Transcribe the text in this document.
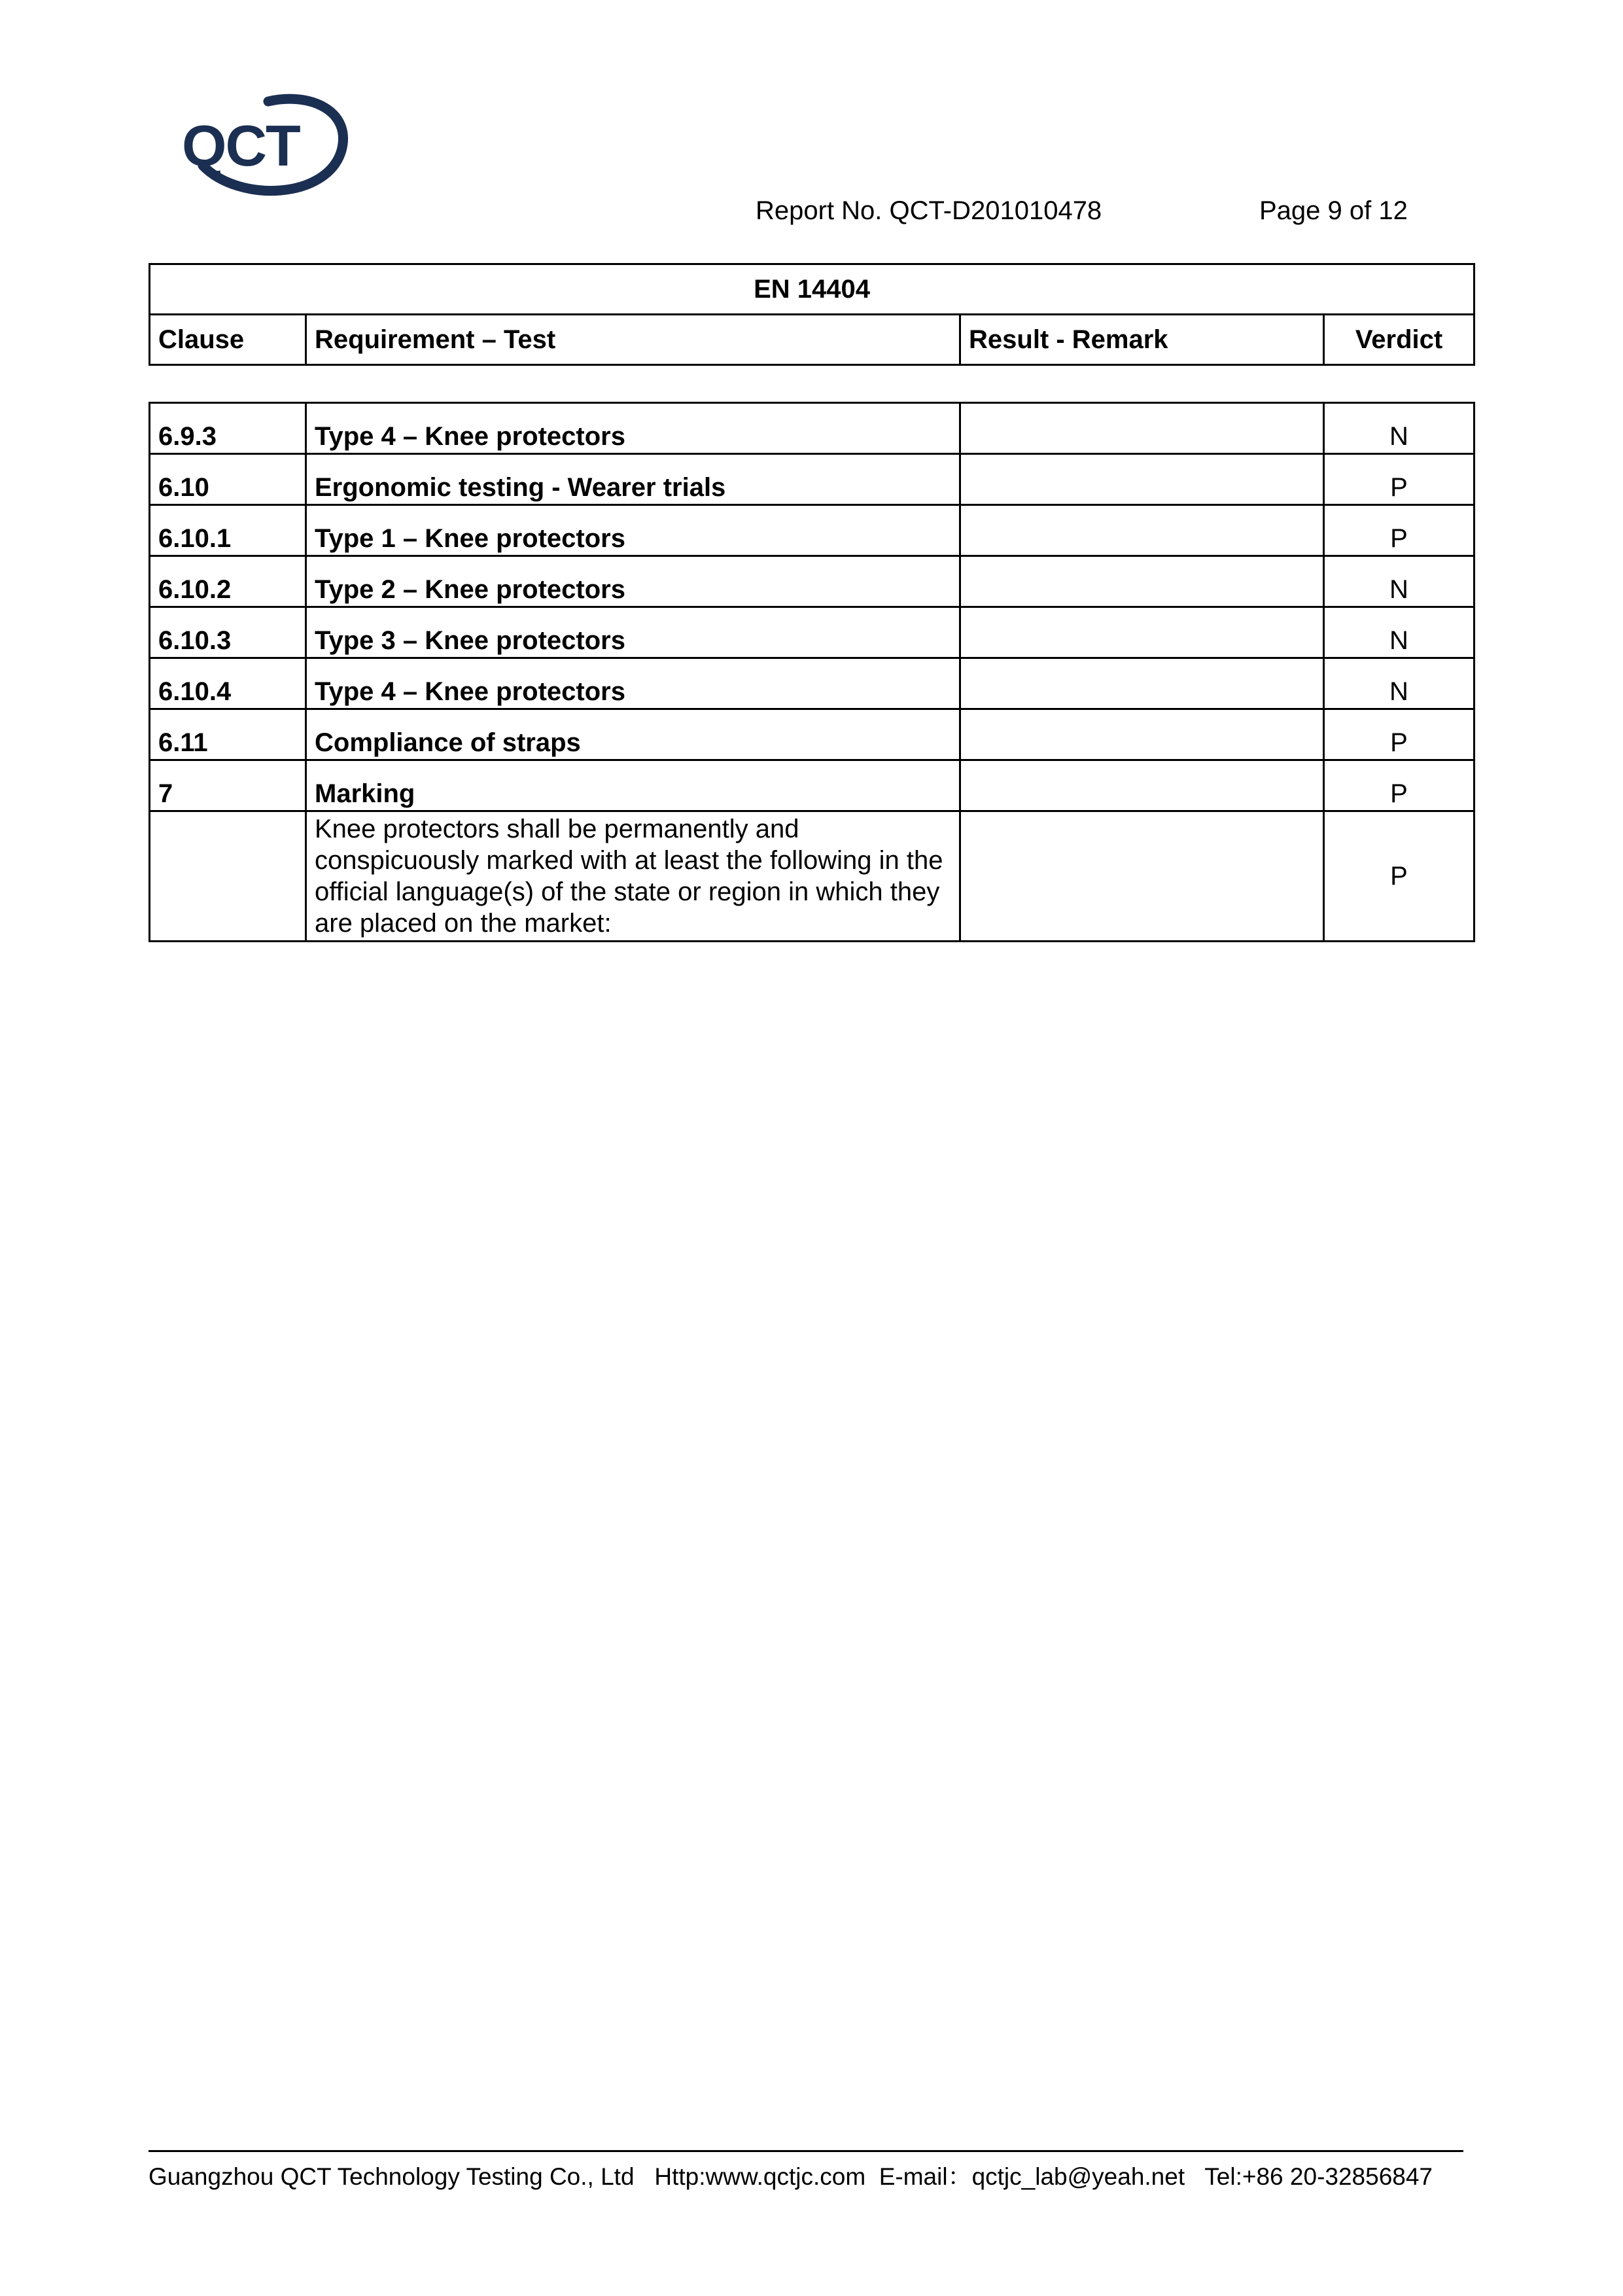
QCT
Report No. QCT-D201010478	Page 9 of 12
EN 14404
Clause	Requirement – Test	Result - Remark	Verdict
6.9.3	Type 4 – Knee protectors		N
6.10	Ergonomic testing - Wearer trials		P
6.10.1	Type 1 – Knee protectors		P
6.10.2	Type 2 – Knee protectors		N
6.10.3	Type 3 – Knee protectors		N
6.10.4	Type 4 – Knee protectors		N
6.11	Compliance of straps		P
7	Marking		P
	Knee protectors shall be permanently and conspicuously marked with at least the following in the official language(s) of the state or region in which they are placed on the market:		P
Guangzhou QCT Technology Testing Co., Ltd Http:www.qctjc.com E-mail：qctjc_lab@yeah.net Tel:+86 20-32856847
